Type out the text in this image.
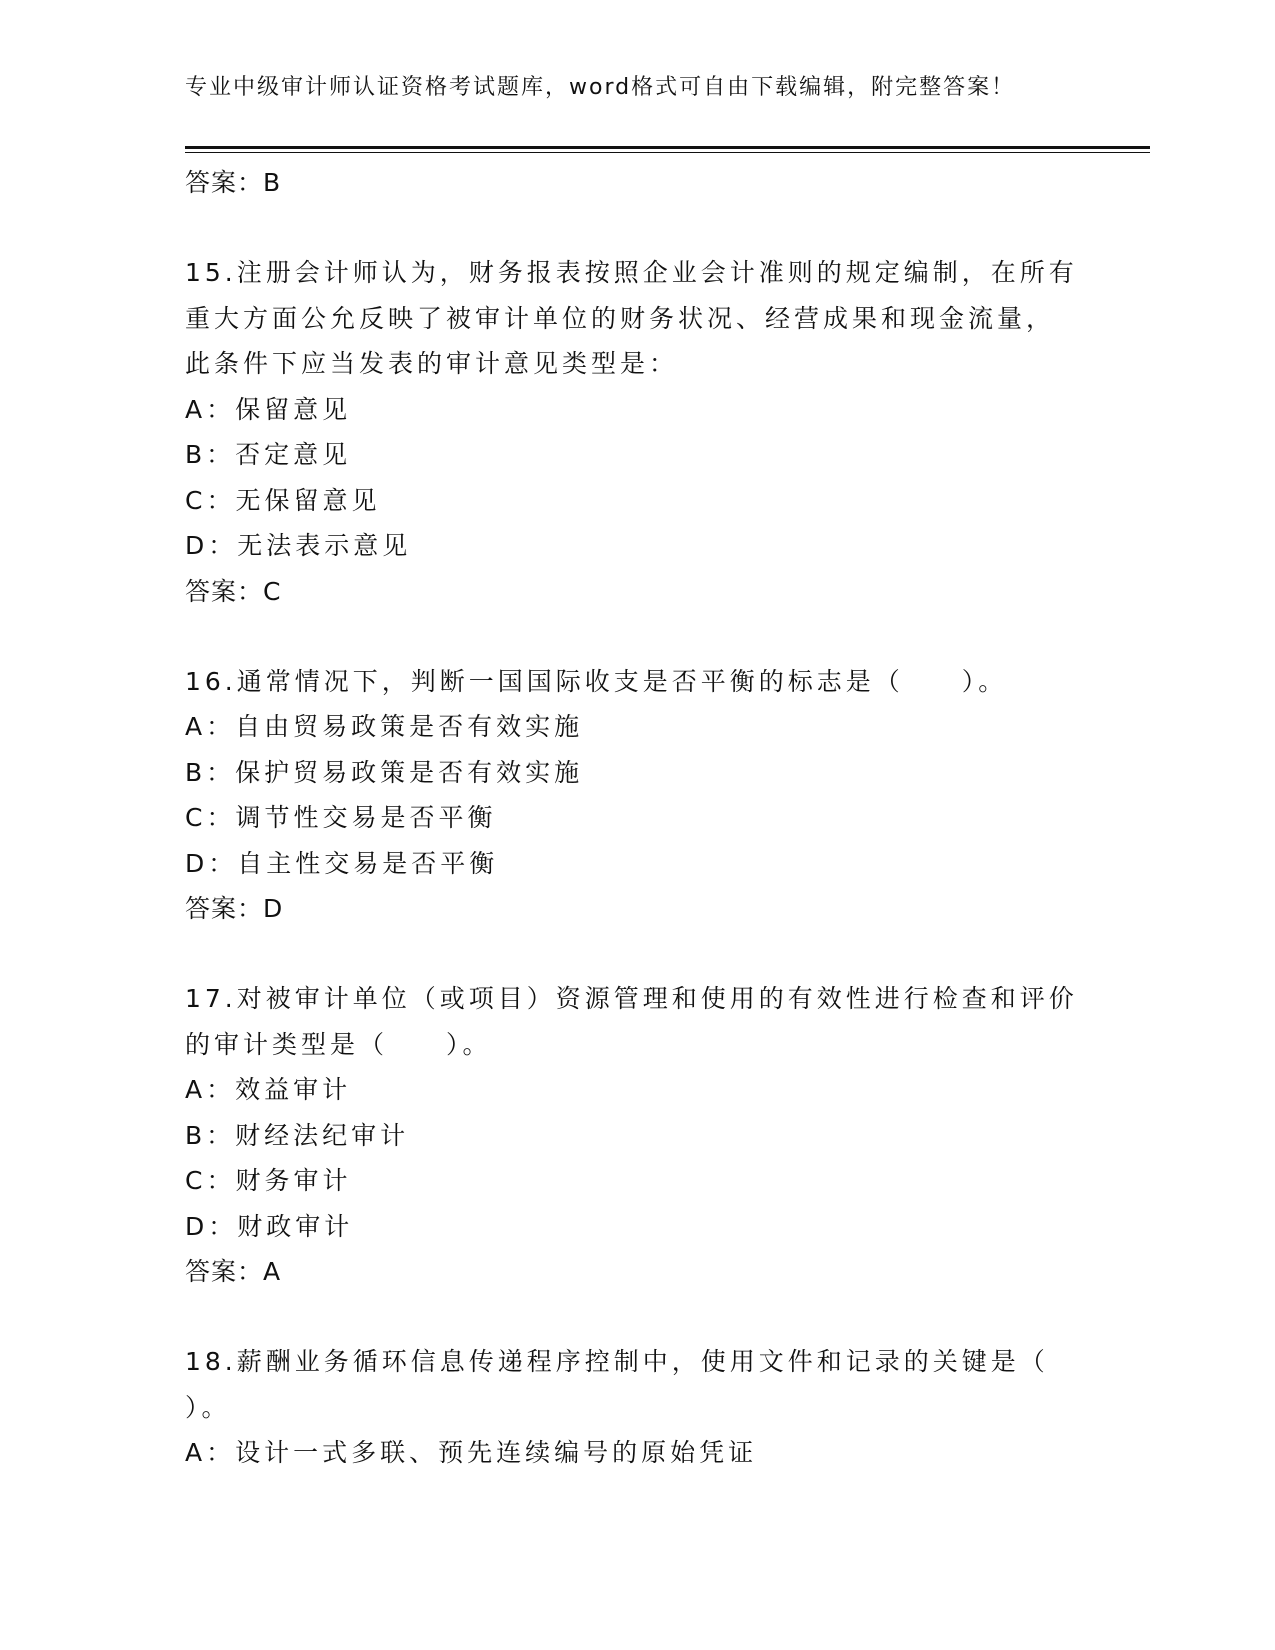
专业中级审计师认证资格考试题库，word格式可自由下载编辑，附完整答案！
答案：B
15.注册会计师认为，财务报表按照企业会计准则的规定编制，在所有
重大方面公允反映了被审计单位的财务状况、经营成果和现金流量，
此条件下应当发表的审计意见类型是：
A：保留意见
B：否定意见
C：无保留意见
D：无法表示意见
答案：C
16.通常情况下，判断一国国际收支是否平衡的标志是（　　）。
A：自由贸易政策是否有效实施
B：保护贸易政策是否有效实施
C：调节性交易是否平衡
D：自主性交易是否平衡
答案：D
17.对被审计单位（或项目）资源管理和使用的有效性进行检查和评价
的审计类型是（　　）。
A：效益审计
B：财经法纪审计
C：财务审计
D：财政审计
答案：A
18.薪酬业务循环信息传递程序控制中，使用文件和记录的关键是（
）。
A：设计一式多联、预先连续编号的原始凭证
